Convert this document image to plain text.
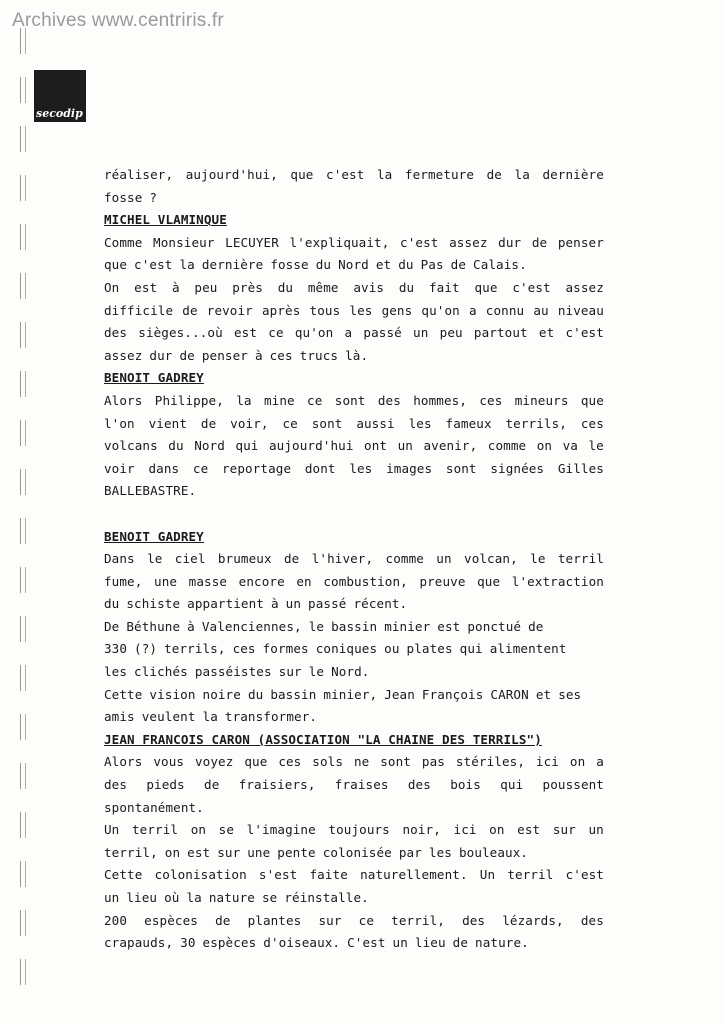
Archives www.centriris.fr
secodip
réaliser, aujourd'hui, que c'est la fermeture de la dernière
fosse ?
MICHEL VLAMINQUE
Comme Monsieur LECUYER l'expliquait, c'est assez dur de penser
que c'est la dernière fosse du Nord et du Pas de Calais.
On est à peu près du même avis du fait que c'est assez
difficile de revoir après tous les gens qu'on a connu au niveau
des sièges...où est ce qu'on a passé un peu partout et c'est
assez dur de penser à ces trucs là.
BENOIT GADREY
Alors Philippe, la mine ce sont des hommes, ces mineurs que
l'on vient de voir, ce sont aussi les fameux terrils, ces
volcans du Nord qui aujourd'hui ont un avenir, comme on va le
voir dans ce reportage dont les images sont signées Gilles
BALLEBASTRE.
BENOIT GADREY
Dans le ciel brumeux de l'hiver, comme un volcan, le terril
fume, une masse encore en combustion, preuve que l'extraction
du schiste appartient à un passé récent.
De Béthune à Valenciennes, le bassin minier est ponctué de
330 (?) terrils, ces formes coniques ou plates qui alimentent
les clichés passéistes sur le Nord.
Cette vision noire du bassin minier, Jean François CARON et ses
amis veulent la transformer.
JEAN FRANCOIS CARON (ASSOCIATION "LA CHAINE DES TERRILS")
Alors vous voyez que ces sols ne sont pas stériles, ici on a
des pieds de fraisiers, fraises des bois qui poussent
spontanément.
Un terril on se l'imagine toujours noir, ici on est sur un
terril, on est sur une pente colonisée par les bouleaux.
Cette colonisation s'est faite naturellement. Un terril c'est
un lieu où la nature se réinstalle.
200 espèces de plantes sur ce terril, des lézards, des
crapauds, 30 espèces d'oiseaux. C'est un lieu de nature.
